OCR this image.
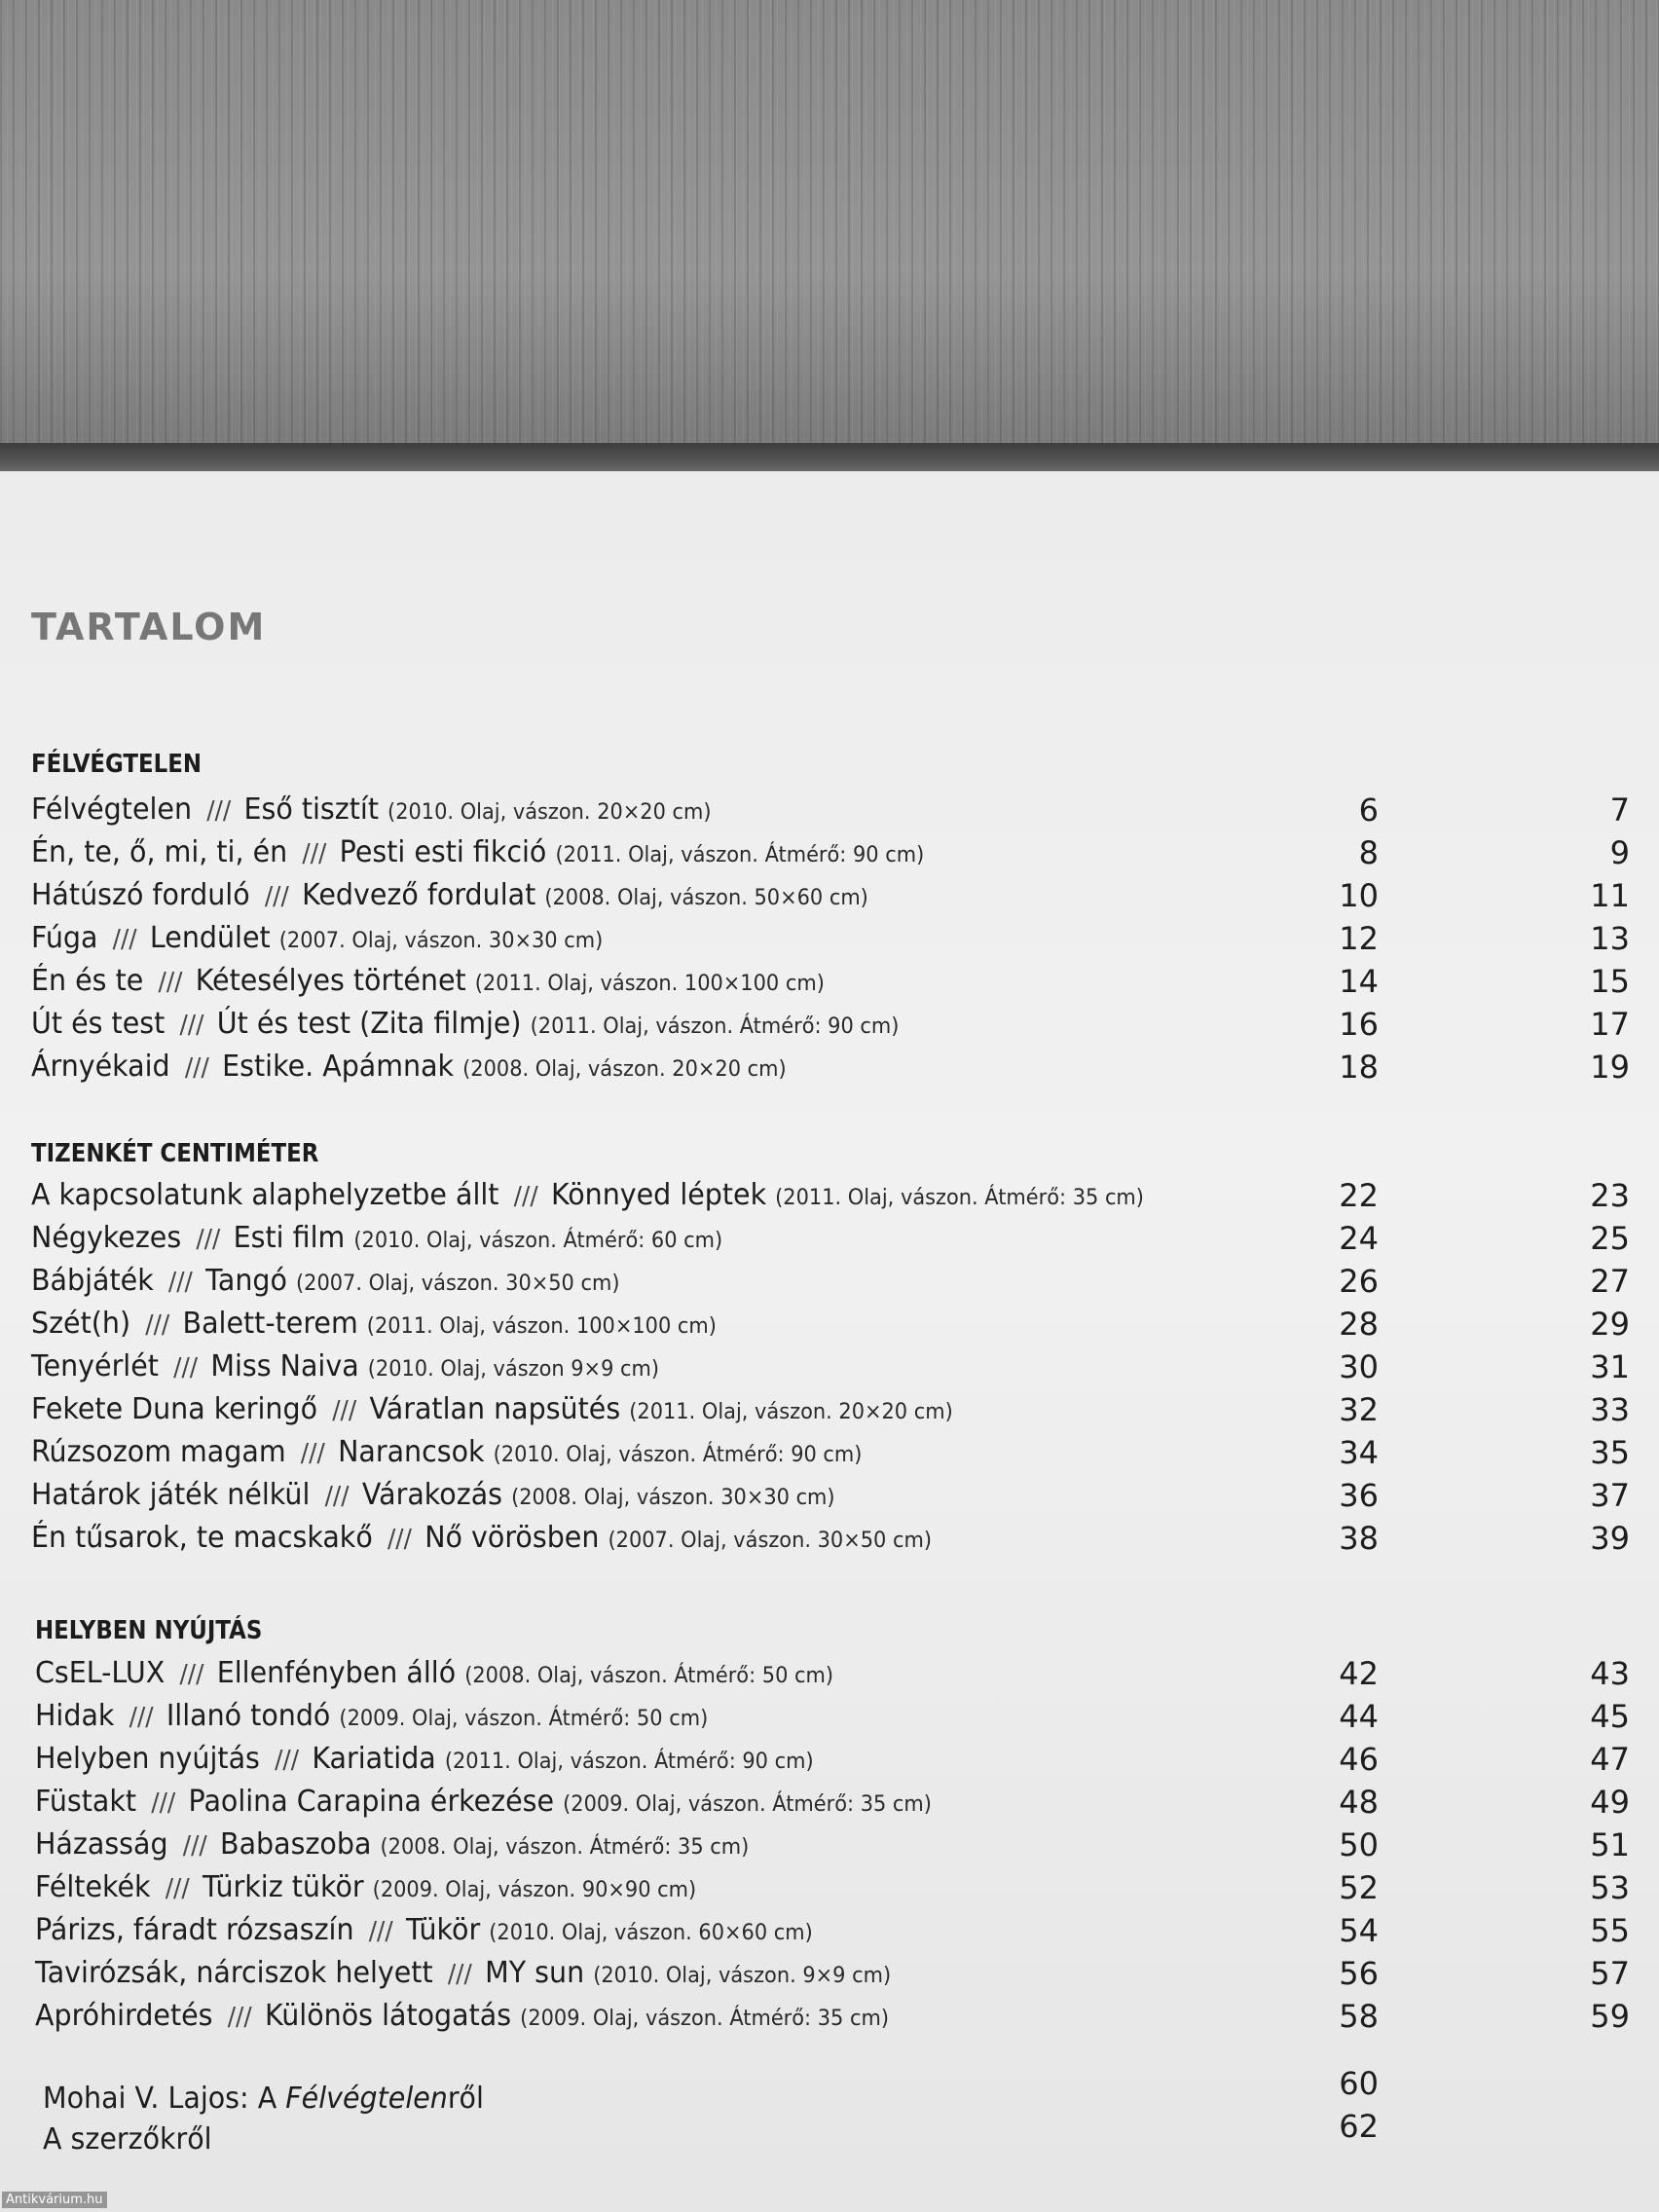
TARTALOM
FÉLVÉGTELEN
Félvégtelen /// Eső tisztít (2010. Olaj, vászon. 20×20 cm)	6	7
Én, te, ő, mi, ti, én /// Pesti esti fikció (2011. Olaj, vászon. Átmérő: 90 cm)	8	9
Hátúszó forduló /// Kedvező fordulat (2008. Olaj, vászon. 50×60 cm)	10	11
Fúga /// Lendület (2007. Olaj, vászon. 30×30 cm)	12	13
Én és te /// Kétesélyes történet (2011. Olaj, vászon. 100×100 cm)	14	15
Út és test /// Út és test (Zita filmje) (2011. Olaj, vászon. Átmérő: 90 cm)	16	17
Árnyékaid /// Estike. Apámnak (2008. Olaj, vászon. 20×20 cm)	18	19
TIZENKÉT CENTIMÉTER
A kapcsolatunk alaphelyzetbe állt /// Könnyed léptek (2011. Olaj, vászon. Átmérő: 35 cm)	22	23
Négykezes /// Esti film (2010. Olaj, vászon. Átmérő: 60 cm)	24	25
Bábjáték /// Tangó (2007. Olaj, vászon. 30×50 cm)	26	27
Szét(h) /// Balett-terem (2011. Olaj, vászon. 100×100 cm)	28	29
Tenyérlét /// Miss Naiva (2010. Olaj, vászon 9×9 cm)	30	31
Fekete Duna keringő /// Váratlan napsütés (2011. Olaj, vászon. 20×20 cm)	32	33
Rúzsozom magam /// Narancsok (2010. Olaj, vászon. Átmérő: 90 cm)	34	35
Határok játék nélkül /// Várakozás (2008. Olaj, vászon. 30×30 cm)	36	37
Én tűsarok, te macskakő /// Nő vörösben (2007. Olaj, vászon. 30×50 cm)	38	39
HELYBEN NYÚJTÁS
CsEL-LUX /// Ellenfényben álló (2008. Olaj, vászon. Átmérő: 50 cm)	42	43
Hidak /// Illanó tondó (2009. Olaj, vászon. Átmérő: 50 cm)	44	45
Helyben nyújtás /// Kariatida (2011. Olaj, vászon. Átmérő: 90 cm)	46	47
Füstakt /// Paolina Carapina érkezése (2009. Olaj, vászon. Átmérő: 35 cm)	48	49
Házasság /// Babaszoba (2008. Olaj, vászon. Átmérő: 35 cm)	50	51
Féltekék /// Türkiz tükör (2009. Olaj, vászon. 90×90 cm)	52	53
Párizs, fáradt rózsaszín /// Tükör (2010. Olaj, vászon. 60×60 cm)	54	55
Tavirózsák, nárciszok helyett /// MY sun (2010. Olaj, vászon. 9×9 cm)	56	57
Apróhirdetés /// Különös látogatás (2009. Olaj, vászon. Átmérő: 35 cm)	58	59
Mohai V. Lajos: A Félvégtelenről	60
A szerzőkről	62
Antikvárium.hu
